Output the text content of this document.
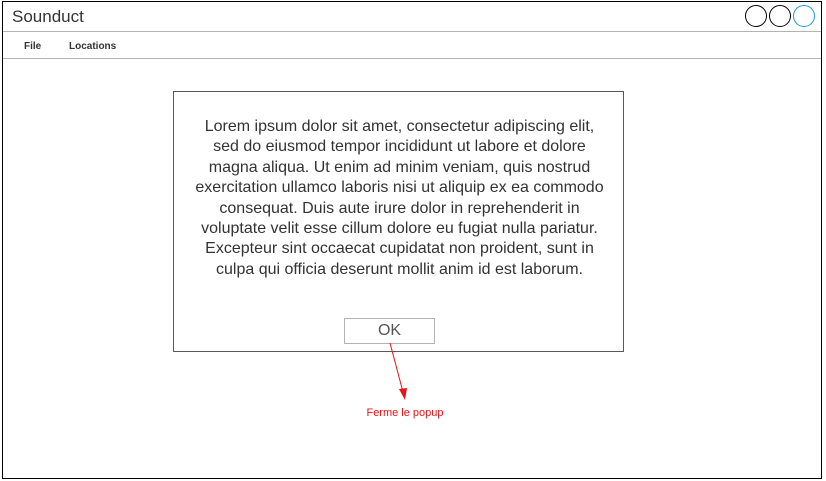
Sounduct
File	Locations
Lorem ipsum dolor sit amet, consectetur adipiscing elit, sed do eiusmod tempor incididunt ut labore et dolore magna aliqua. Ut enim ad minim veniam, quis nostrud exercitation ullamco laboris nisi ut aliquip ex ea commodo consequat. Duis aute irure dolor in reprehenderit in voluptate velit esse cillum dolore eu fugiat nulla pariatur. Excepteur sint occaecat cupidatat non proident, sunt in culpa qui officia deserunt mollit anim id est laborum.
OK
Ferme le popup
